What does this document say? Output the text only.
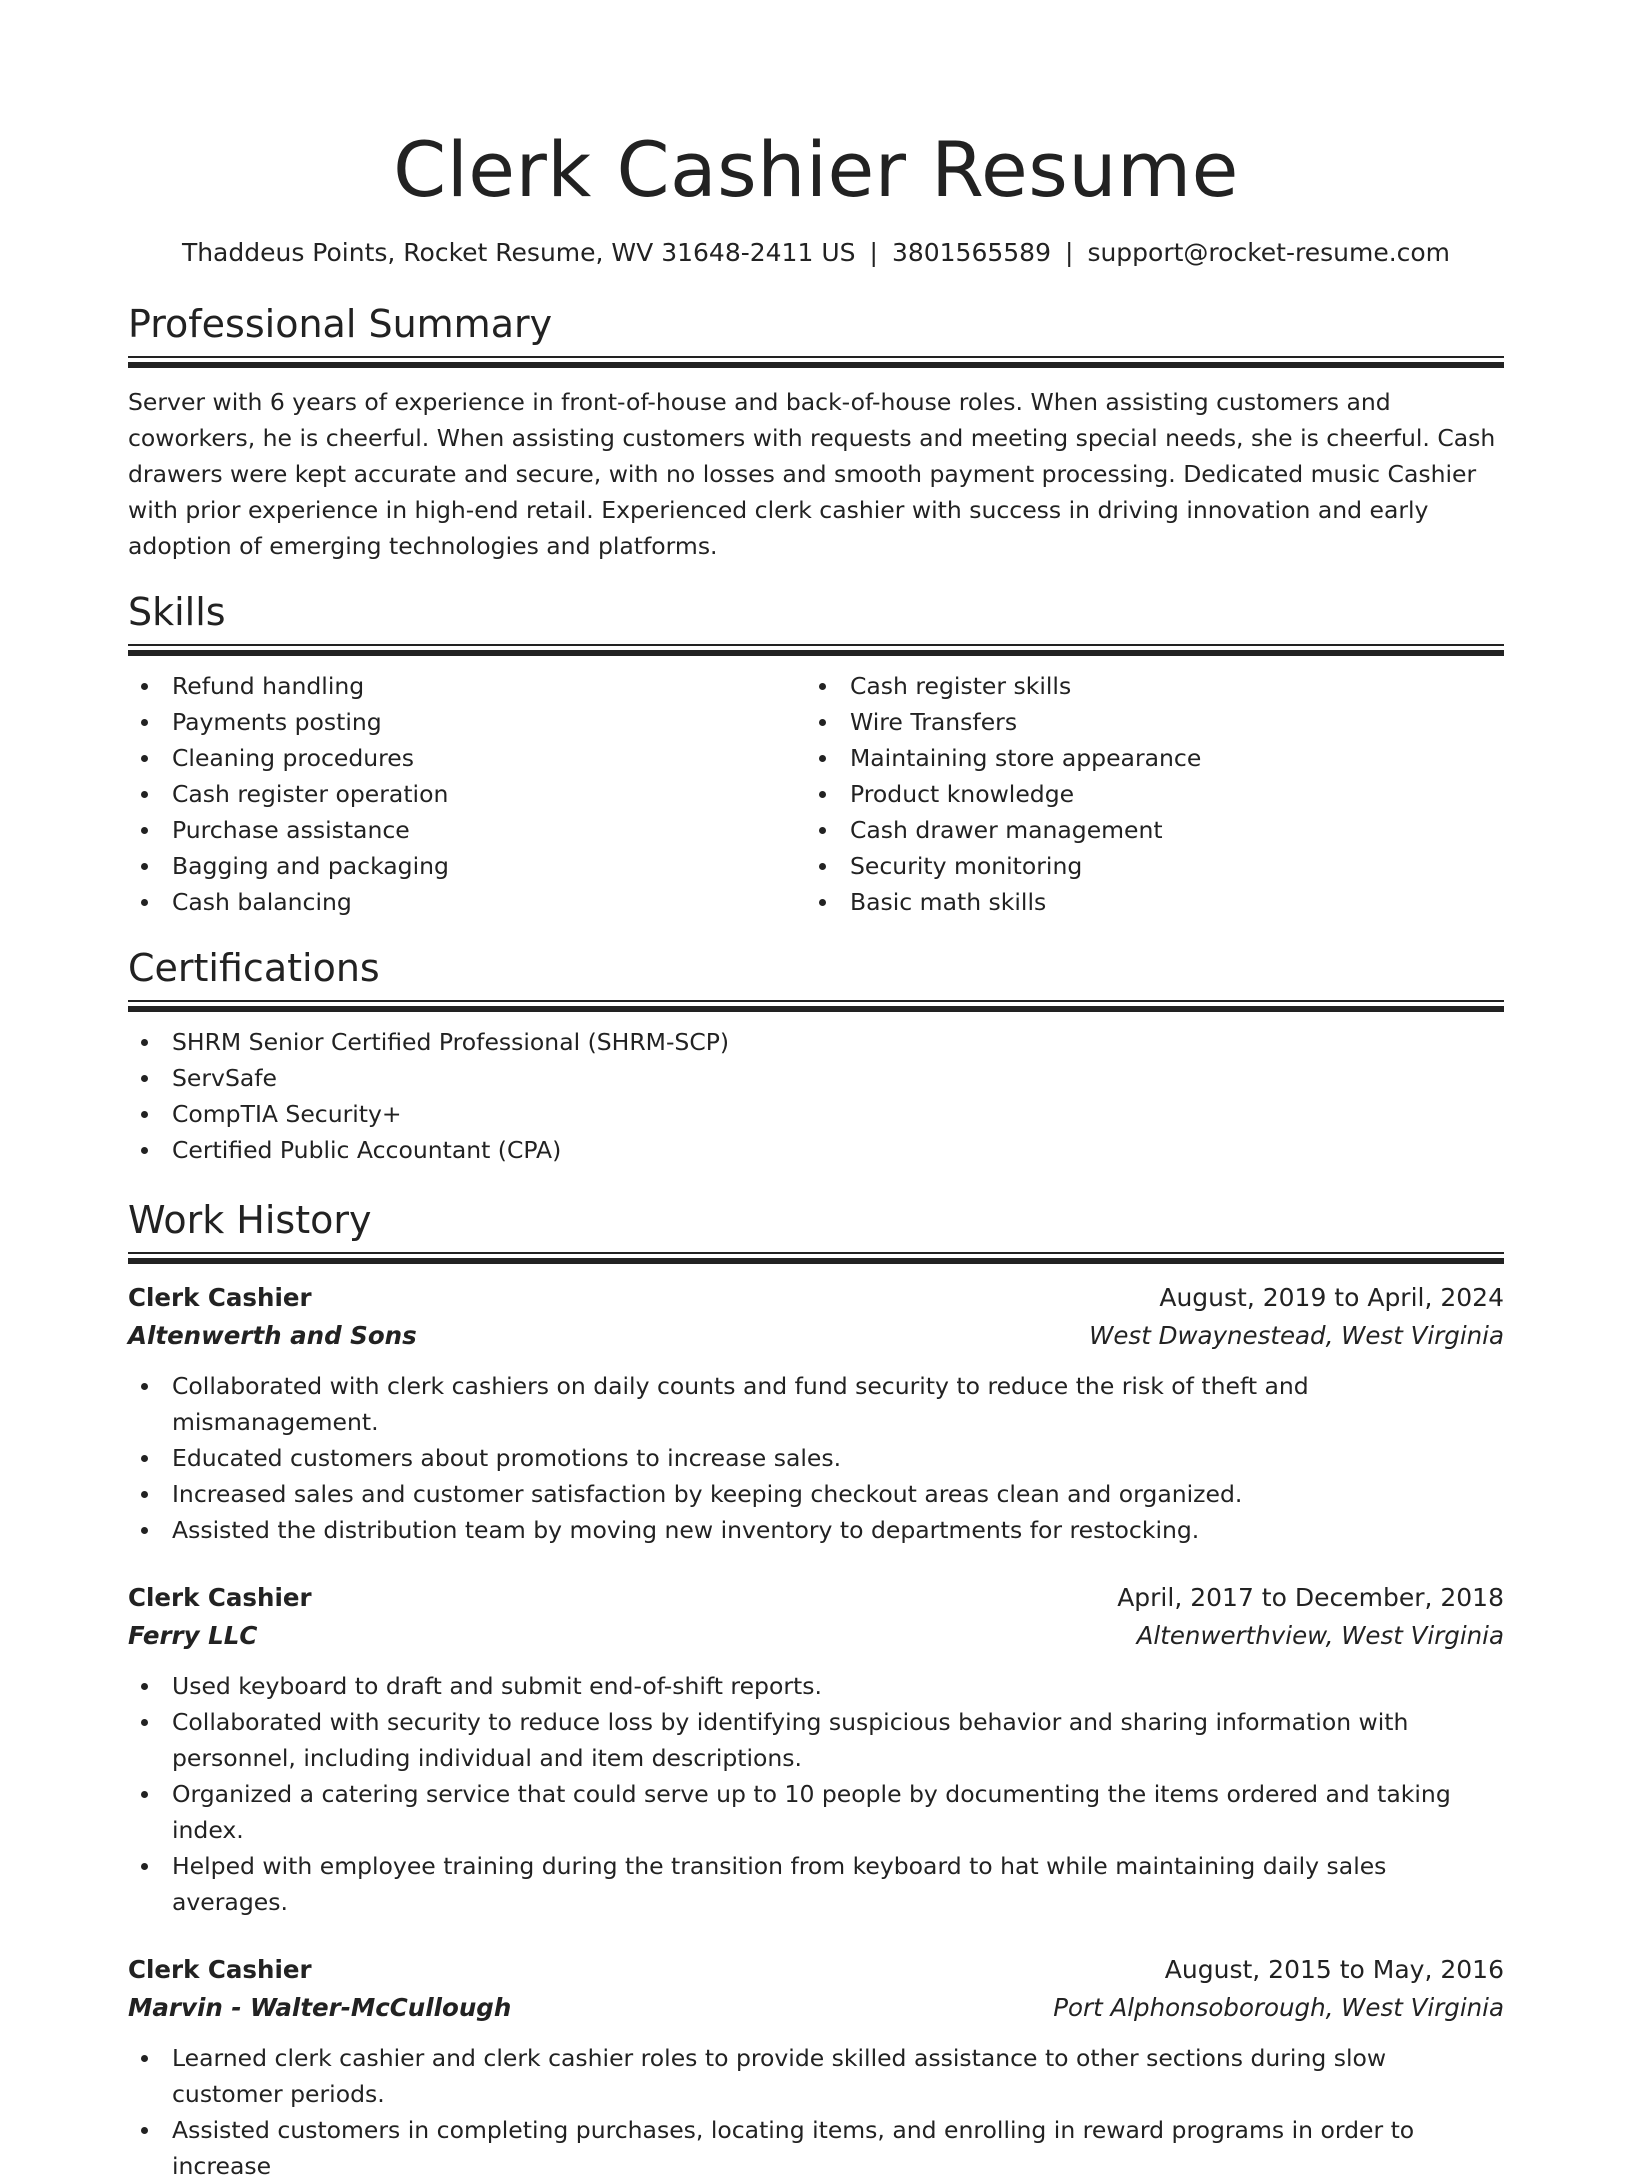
Clerk Cashier Resume
Thaddeus Points, Rocket Resume, WV 31648-2411 US | 3801565589 | support@rocket-resume.com
Professional Summary

Server with 6 years of experience in front-of-house and back-of-house roles. When assisting customers and coworkers, he is cheerful. When assisting customers with requests and meeting special needs, she is cheerful. Cash drawers were kept accurate and secure, with no losses and smooth payment processing. Dedicated music Cashier with prior experience in high-end retail. Experienced clerk cashier with success in driving innovation and early adoption of emerging technologies and platforms.

Skills
Refund handling
Payments posting
Cleaning procedures
Cash register operation
Purchase assistance
Bagging and packaging
Cash balancing
Cash register skills
Wire Transfers
Maintaining store appearance
Product knowledge
Cash drawer management
Security monitoring
Basic math skills
Certifications
SHRM Senior Certified Professional (SHRM-SCP)
ServSafe
CompTIA Security+
Certified Public Accountant (CPA)
Work History
Clerk Cashier	August, 2019 to April, 2024
Altenwerth and Sons	West Dwaynestead, West Virginia
Collaborated with clerk cashiers on daily counts and fund security to reduce the risk of theft and mismanagement.
Educated customers about promotions to increase sales.
Increased sales and customer satisfaction by keeping checkout areas clean and organized.
Assisted the distribution team by moving new inventory to departments for restocking.
Clerk Cashier	April, 2017 to December, 2018
Ferry LLC	Altenwerthview, West Virginia
Used keyboard to draft and submit end-of-shift reports.
Collaborated with security to reduce loss by identifying suspicious behavior and sharing information with personnel, including individual and item descriptions.
Organized a catering service that could serve up to 10 people by documenting the items ordered and taking index.
Helped with employee training during the transition from keyboard to hat while maintaining daily sales averages.
Clerk Cashier	August, 2015 to May, 2016
Marvin - Walter-McCullough	Port Alphonsoborough, West Virginia
Learned clerk cashier and clerk cashier roles to provide skilled assistance to other sections during slow customer periods.
Assisted customers in completing purchases, locating items, and enrolling in reward programs in order to increase
